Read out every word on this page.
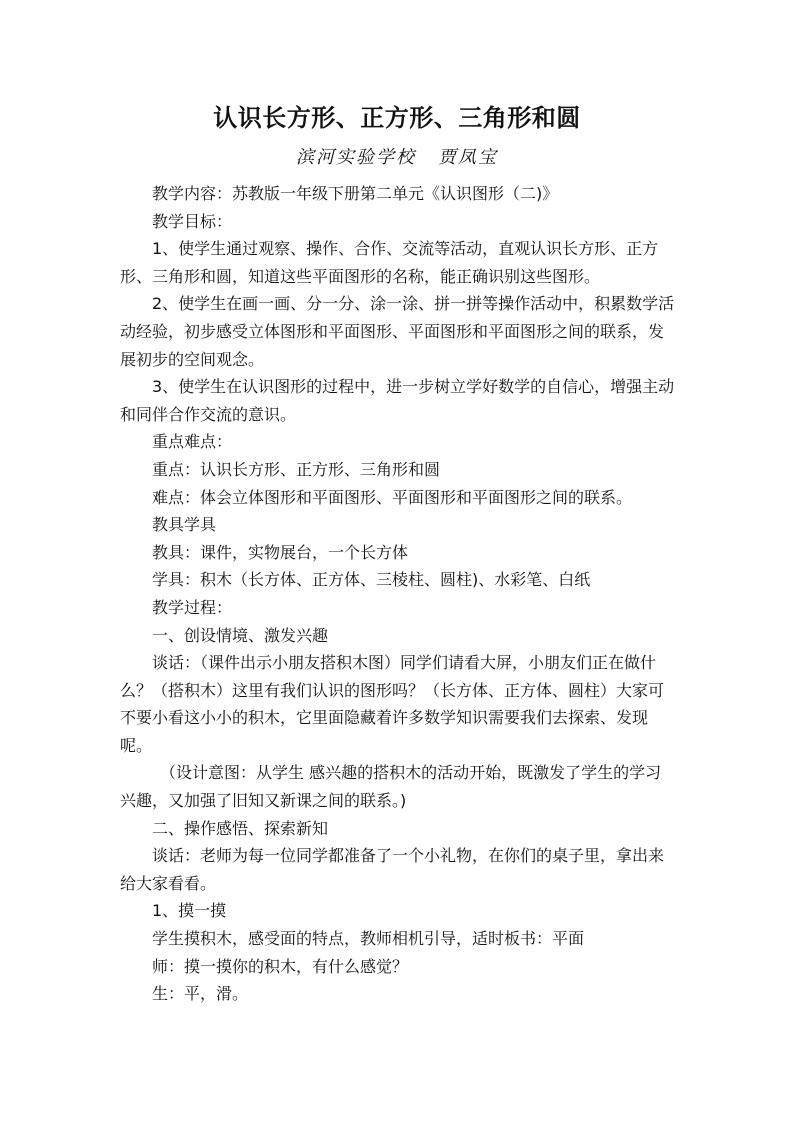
认识长方形、正方形、三角形和圆
滨河实验学校 贾凤宝

教学内容：苏教版一年级下册第二单元《认识图形（二)》

教学目标：

1、使学生通过观察、操作、合作、交流等活动，直观认识长方形、正方形、三角形和圆，知道这些平面图形的名称，能正确识别这些图形。

2、使学生在画一画、分一分、涂一涂、拼一拼等操作活动中，积累数学活动经验，初步感受立体图形和平面图形、平面图形和平面图形之间的联系，发展初步的空间观念。

3、使学生在认识图形的过程中，进一步树立学好数学的自信心，增强主动和同伴合作交流的意识。

重点难点：

重点：认识长方形、正方形、三角形和圆

难点：体会立体图形和平面图形、平面图形和平面图形之间的联系。

教具学具

教具：课件，实物展台，一个长方体

学具：积木（长方体、正方体、三棱柱、圆柱)、水彩笔、白纸

教学过程：

一、创设情境、激发兴趣

谈话：（课件出示小朋友搭积木图）同学们请看大屏，小朋友们正在做什么？（搭积木）这里有我们认识的图形吗？（长方体、正方体、圆柱）大家可不要小看这小小的积木，它里面隐藏着许多数学知识需要我们去探索、发现呢。

（设计意图：从学生 感兴趣的搭积木的活动开始，既激发了学生的学习兴趣，又加强了旧知又新课之间的联系。)

二、操作感悟、探索新知

谈话：老师为每一位同学都准备了一个小礼物，在你们的桌子里，拿出来给大家看看。

1、摸一摸

学生摸积木，感受面的特点，教师相机引导，适时板书：平面

师：摸一摸你的积木，有什么感觉？

生：平，滑。
